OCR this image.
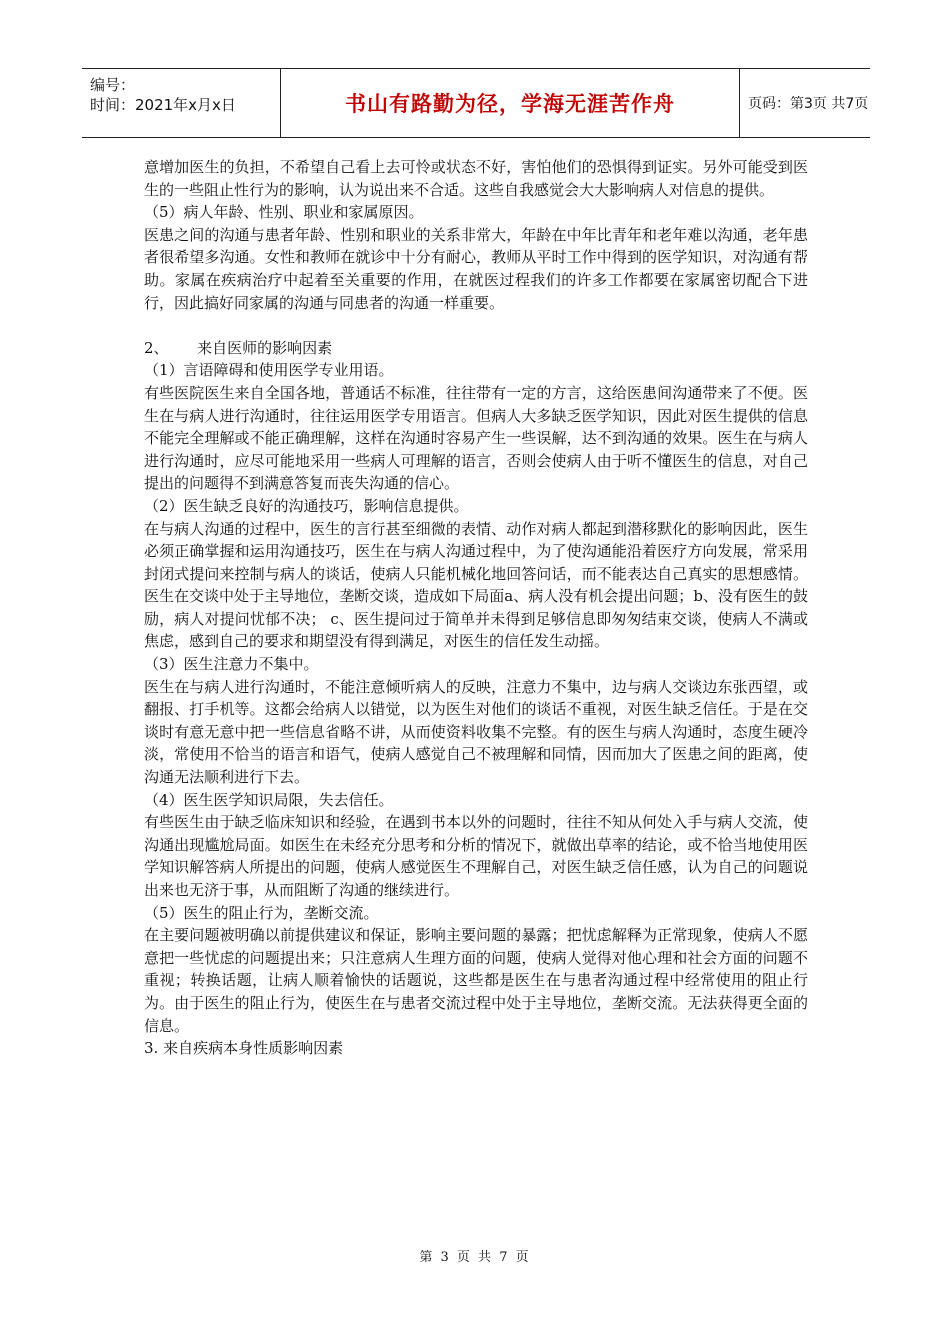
编号：
时间：2021年x月x日	书山有路勤为径，学海无涯苦作舟	页码：第3页 共7页

意增加医生的负担，不希望自己看上去可怜或状态不好，害怕他们的恐惧得到证实。另外可能受到医生的一些阻止性行为的影响，认为说出来不合适。这些自我感觉会大大影响病人对信息的提供。

（5）病人年龄、性别、职业和家属原因。

医患之间的沟通与患者年龄、性别和职业的关系非常大，年龄在中年比青年和老年难以沟通，老年患者很希望多沟通。女性和教师在就诊中十分有耐心，教师从平时工作中得到的医学知识，对沟通有帮助。家属在疾病治疗中起着至关重要的作用，在就医过程我们的许多工作都要在家属密切配合下进行，因此搞好同家属的沟通与同患者的沟通一样重要。

2、      来自医师的影响因素

（1）言语障碍和使用医学专业用语。

有些医院医生来自全国各地，普通话不标准，往往带有一定的方言，这给医患间沟通带来了不便。医生在与病人进行沟通时，往往运用医学专用语言。但病人大多缺乏医学知识，因此对医生提供的信息不能完全理解或不能正确理解，这样在沟通时容易产生一些误解，达不到沟通的效果。医生在与病人进行沟通时，应尽可能地采用一些病人可理解的语言，否则会使病人由于听不懂医生的信息，对自己提出的问题得不到满意答复而丧失沟通的信心。

（2）医生缺乏良好的沟通技巧，影响信息提供。

在与病人沟通的过程中，医生的言行甚至细微的表情、动作对病人都起到潜移默化的影响因此，医生必须正确掌握和运用沟通技巧，医生在与病人沟通过程中，为了使沟通能沿着医疗方向发展，常采用封闭式提问来控制与病人的谈话，使病人只能机械化地回答问话，而不能表达自己真实的思想感情。医生在交谈中处于主导地位，垄断交谈，造成如下局面a、病人没有机会提出问题；b、没有医生的鼓励，病人对提问忧郁不决； c、医生提问过于简单并未得到足够信息即匆匆结束交谈，使病人不满或焦虑，感到自己的要求和期望没有得到满足，对医生的信任发生动摇。

（3）医生注意力不集中。

医生在与病人进行沟通时，不能注意倾听病人的反映，注意力不集中，边与病人交谈边东张西望，或翻报、打手机等。这都会给病人以错觉，以为医生对他们的谈话不重视，对医生缺乏信任。于是在交谈时有意无意中把一些信息省略不讲，从而使资料收集不完整。有的医生与病人沟通时，态度生硬冷淡，常使用不恰当的语言和语气，使病人感觉自己不被理解和同情，因而加大了医患之间的距离，使沟通无法顺利进行下去。

（4）医生医学知识局限，失去信任。

有些医生由于缺乏临床知识和经验，在遇到书本以外的问题时，往往不知从何处入手与病人交流，使沟通出现尴尬局面。如医生在未经充分思考和分析的情况下，就做出草率的结论，或不恰当地使用医学知识解答病人所提出的问题，使病人感觉医生不理解自己，对医生缺乏信任感，认为自己的问题说出来也无济于事，从而阻断了沟通的继续进行。

（5）医生的阻止行为，垄断交流。

在主要问题被明确以前提供建议和保证，影响主要问题的暴露；把忧虑解释为正常现象，使病人不愿意把一些忧虑的问题提出来；只注意病人生理方面的问题，使病人觉得对他心理和社会方面的问题不重视；转换话题，让病人顺着愉快的话题说，这些都是医生在与患者沟通过程中经常使用的阻止行为。由于医生的阻止行为，使医生在与患者交流过程中处于主导地位，垄断交流。无法获得更全面的信息。

3. 来自疾病本身性质影响因素

第 3 页 共 7 页
